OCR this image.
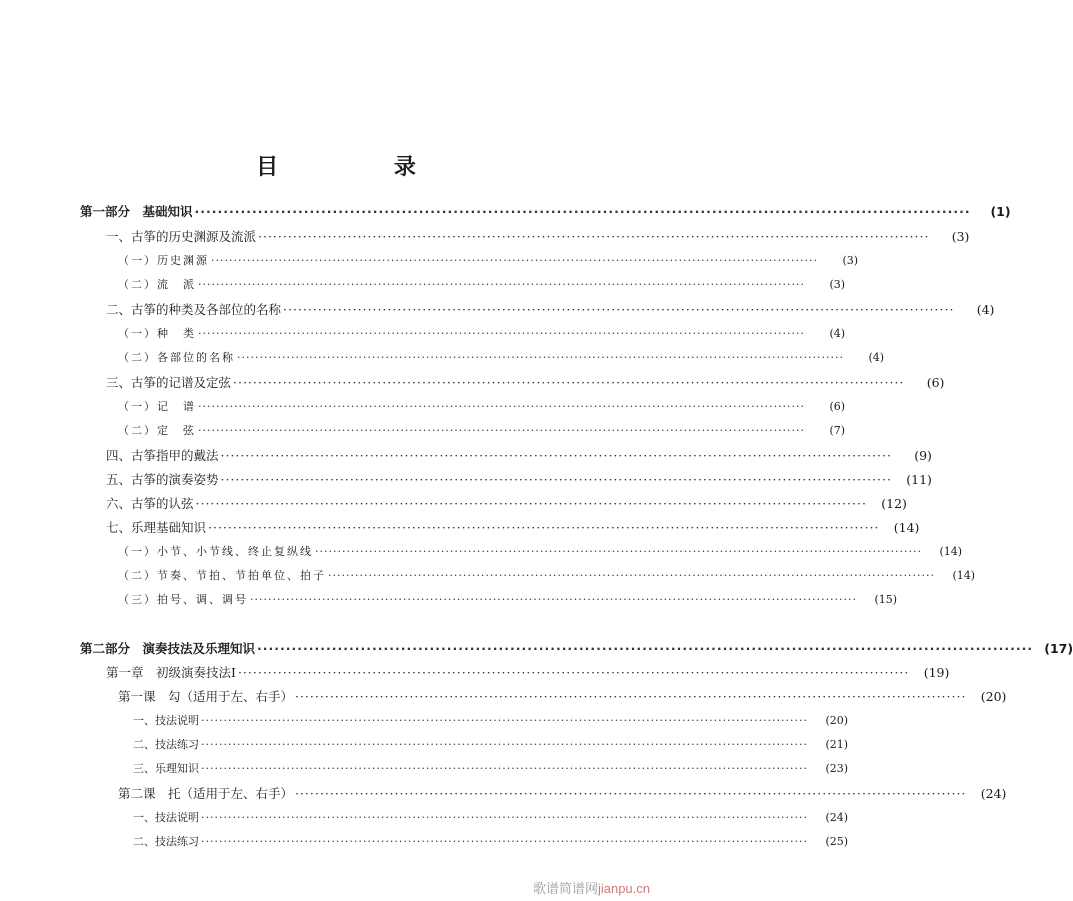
目 录
第一部分　基础知识 ·······································································································································	(1)
一、古筝的历史渊源及流派 ·······································································································································	(3)
（一）历史渊源 ·······································································································································	(3)
（二）流　派 ·······································································································································	(3)
二、古筝的种类及各部位的名称 ·······································································································································	(4)
（一）种　类 ·······································································································································	(4)
（二）各部位的名称 ·······································································································································	(4)
三、古筝的记谱及定弦 ·······································································································································	(6)
（一）记　谱 ·······································································································································	(6)
（二）定　弦 ·······································································································································	(7)
四、古筝指甲的戴法 ·······································································································································	(9)
五、古筝的演奏姿势 ·······································································································································	(11)
六、古筝的认弦 ·······································································································································	(12)
七、乐理基础知识 ·······································································································································	(14)
（一）小节、小节线、终止复纵线 ·······································································································································	(14)
（二）节奏、节拍、节拍单位、拍子 ·······································································································································	(14)
（三）拍号、调、调号 ·······································································································································	(15)
第二部分　演奏技法及乐理知识 ······································································································································· (17)
第一章　初级演奏技法Ⅰ ·······································································································································	(19)
第一课　勾（适用于左、右手） ·······································································································································	(20)
一、技法说明 ·······································································································································	(20)
二、技法练习 ·······································································································································	(21)
三、乐理知识 ·······································································································································	(23)
第二课　托（适用于左、右手） ·······································································································································	(24)
一、技法说明 ·······································································································································	(24)
二、技法练习 ·······································································································································	(25)
歌谱简谱网jianpu.cn
